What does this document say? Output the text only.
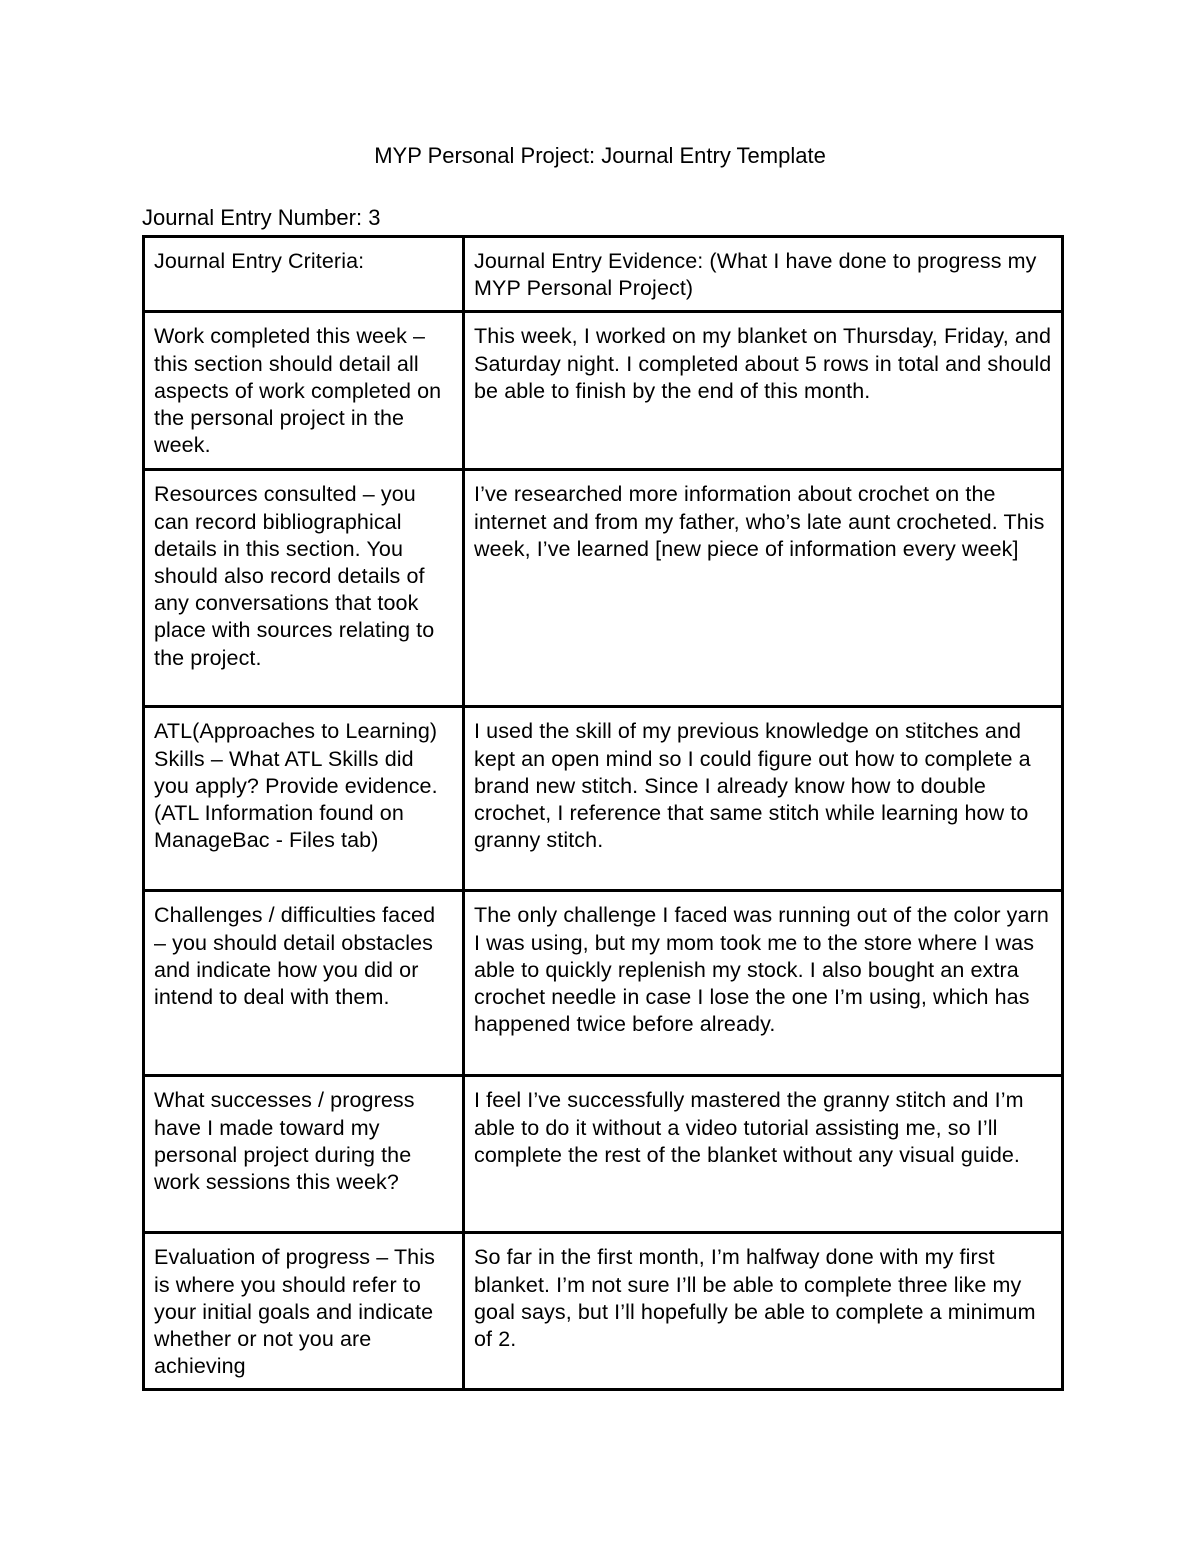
MYP Personal Project: Journal Entry Template
Journal Entry Number: 3
Journal Entry Criteria:	Journal Entry Evidence: (What I have done to progress my MYP Personal Project)
Work completed this week – this section should detail all aspects of work completed on the personal project in the week.	This week, I worked on my blanket on Thursday, Friday, and Saturday night. I completed about 5 rows in total and should be able to finish by the end of this month.
Resources consulted – you can record bibliographical details in this section. You should also record details of any conversations that took place with sources relating to the project.	I’ve researched more information about crochet on the internet and from my father, who’s late aunt crocheted. This week, I’ve learned [new piece of information every week]
ATL(Approaches to Learning) Skills – What ATL Skills did you apply? Provide evidence. (ATL Information found on ManageBac - Files tab)	I used the skill of my previous knowledge on stitches and kept an open mind so I could figure out how to complete a brand new stitch. Since I already know how to double crochet, I reference that same stitch while learning how to granny stitch.
Challenges / difficulties faced – you should detail obstacles and indicate how you did or intend to deal with them.	The only challenge I faced was running out of the color yarn I was using, but my mom took me to the store where I was able to quickly replenish my stock. I also bought an extra crochet needle in case I lose the one I’m using, which has happened twice before already.
What successes / progress have I made toward my personal project during the work sessions this week?	I feel I’ve successfully mastered the granny stitch and I’m able to do it without a video tutorial assisting me, so I’ll complete the rest of the blanket without any visual guide.
Evaluation of progress – This is where you should refer to your initial goals and indicate whether or not you are achieving	So far in the first month, I’m halfway done with my first blanket. I’m not sure I’ll be able to complete three like my goal says, but I’ll hopefully be able to complete a minimum of 2.
